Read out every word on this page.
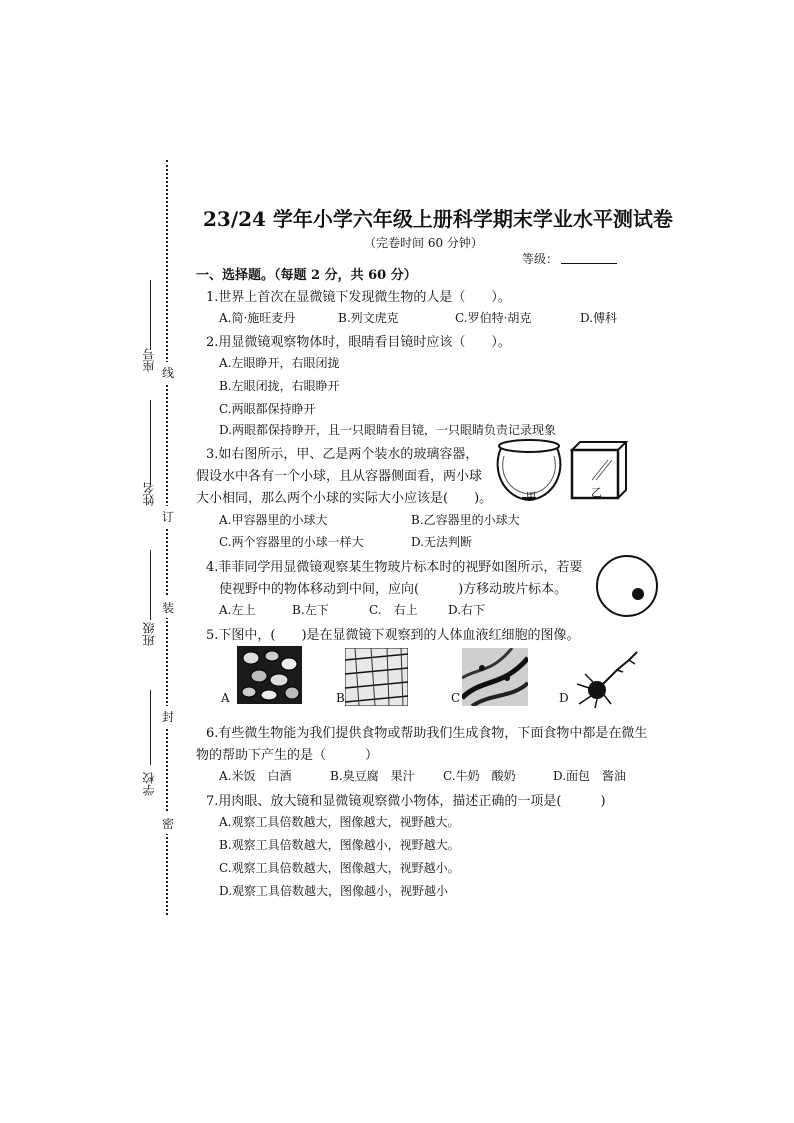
座号
姓名
班级
学校
线
订
装
封
密
23/24 学年小学六年级上册科学期末学业水平测试卷
（完卷时间 60 分钟）
等级：
一、选择题。（每题 2 分，共 60 分）
1.世界上首次在显微镜下发现微生物的人是（　　）。
A.简·施旺麦丹	B.列文虎克	C.罗伯特·胡克	D.傅科
2.用显微镜观察物体时，眼睛看目镜时应该（　　）。
A.左眼睁开，右眼闭拢
B.左眼闭拢，右眼睁开
C.两眼都保持睁开
D.两眼都保持睁开，且一只眼睛看目镜，一只眼睛负责记录现象
3.如右图所示，甲、乙是两个装水的玻璃容器，
假设水中各有一个小球，且从容器侧面看，两小球
大小相同，那么两个小球的实际大小应该是(　　)。
A.甲容器里的小球大	B.乙容器里的小球大
C.两个容器里的小球一样大	D.无法判断
甲	乙
4.菲菲同学用显微镜观察某生物玻片标本时的视野如图所示，若要
使视野中的物体移动到中间，应向(　　　)方移动玻片标本。
A.左上	B.左下	C.　右上	D.右下
5.下图中，(　　)是在显微镜下观察到的人体血液红细胞的图像。
A	B	C	D
6.有些微生物能为我们提供食物或帮助我们生成食物，下面食物中都是在微生
物的帮助下产生的是（　　　）
A.米饭　白酒	B.臭豆腐　果汁 C.牛奶　酸奶	D.面包　酱油
7.用肉眼、放大镜和显微镜观察微小物体，描述正确的一项是(　　　)
A.观察工具倍数越大，图像越大，视野越大。
B.观察工具倍数越大，图像越小，视野越大。
C.观察工具倍数越大，图像越大，视野越小。
D.观察工具倍数越大，图像越小，视野越小
